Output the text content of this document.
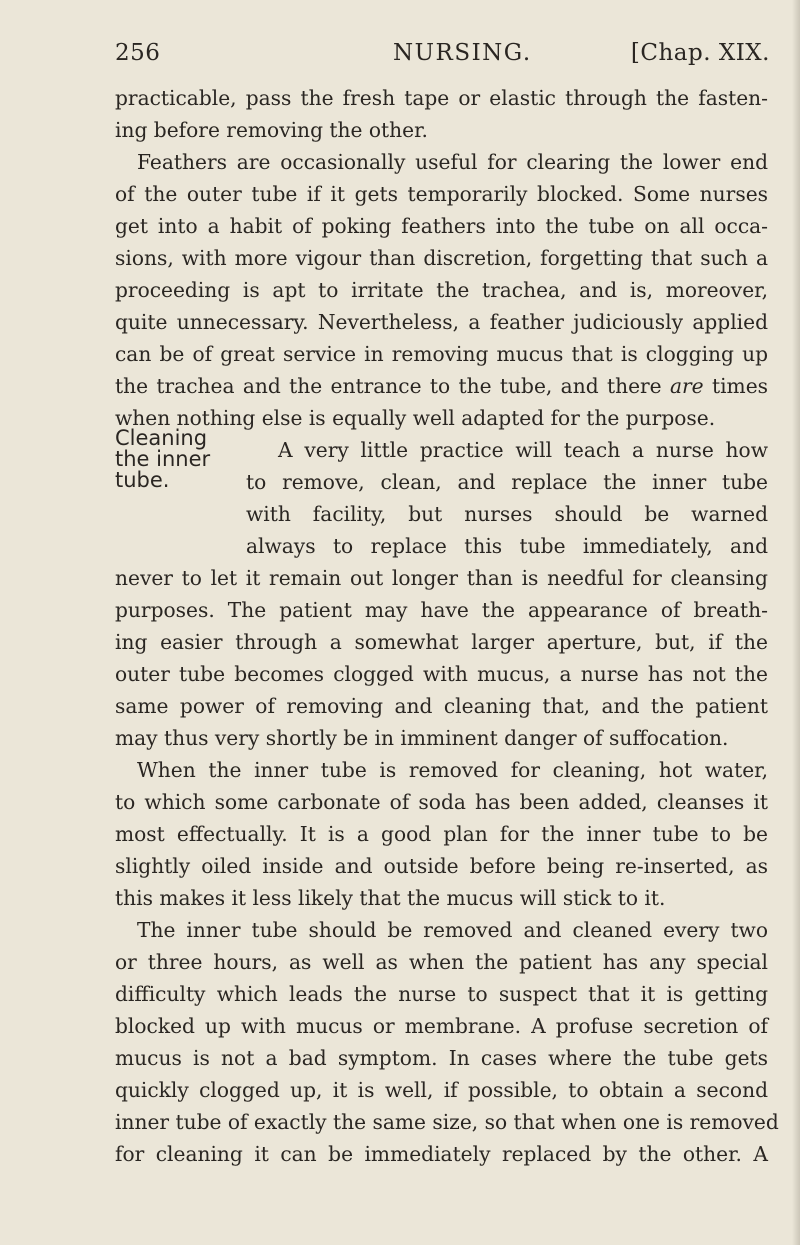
256	NURSING.	[Chap. XIX.
Cleaning
the inner
tube.
practicable, pass the fresh tape or elastic through the fasten-
ing before removing the other.
Feathers are occasionally useful for clearing the lower end
of the outer tube if it gets temporarily blocked. Some nurses
get into a habit of poking feathers into the tube on all occa-
sions, with more vigour than discretion, forgetting that such a
proceeding is apt to irritate the trachea, and is, moreover,
quite unnecessary. Nevertheless, a feather judiciously applied
can be of great service in removing mucus that is clogging up
the trachea and the entrance to the tube, and there are times
when nothing else is equally well adapted for the purpose.
A very little practice will teach a nurse how
to remove, clean, and replace the inner tube
with facility, but nurses should be warned
always to replace this tube immediately, and
never to let it remain out longer than is needful for cleansing
purposes. The patient may have the appearance of breath-
ing easier through a somewhat larger aperture, but, if the
outer tube becomes clogged with mucus, a nurse has not the
same power of removing and cleaning that, and the patient
may thus very shortly be in imminent danger of suffocation.
When the inner tube is removed for cleaning, hot water,
to which some carbonate of soda has been added, cleanses it
most effectually. It is a good plan for the inner tube to be
slightly oiled inside and outside before being re-inserted, as
this makes it less likely that the mucus will stick to it.
The inner tube should be removed and cleaned every two
or three hours, as well as when the patient has any special
difficulty which leads the nurse to suspect that it is getting
blocked up with mucus or membrane. A profuse secretion of
mucus is not a bad symptom. In cases where the tube gets
quickly clogged up, it is well, if possible, to obtain a second
inner tube of exactly the same size, so that when one is removed
for cleaning it can be immediately replaced by the other. A
